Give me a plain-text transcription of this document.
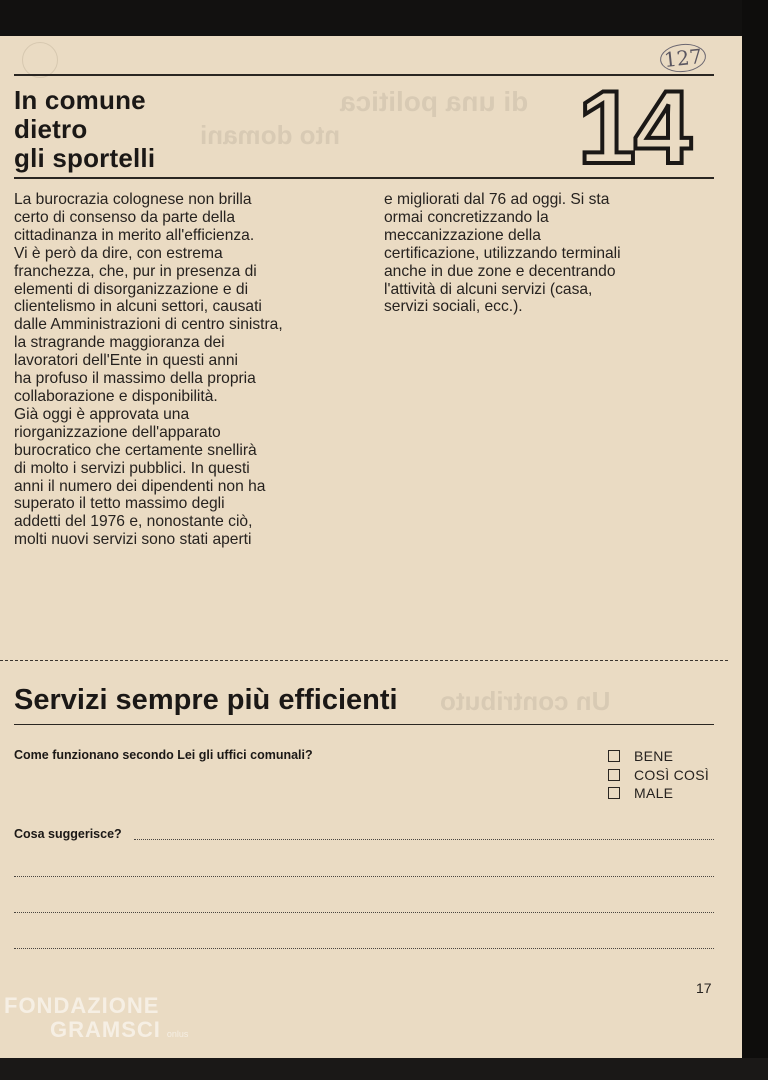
127
di una politica
nto domani
Un contributo
In comune
dietro
gli sportelli	14

La burocrazia colognese non brilla
certo di consenso da parte della
cittadinanza in merito all'efficienza.
Vi è però da dire, con estrema
franchezza, che, pur in presenza di
elementi di disorganizzazione e di
clientelismo in alcuni settori, causati
dalle Amministrazioni di centro sinistra,
la stragrande maggioranza dei
lavoratori dell'Ente in questi anni
ha profuso il massimo della propria
collaborazione e disponibilità.
Già oggi è approvata una
riorganizzazione dell'apparato
burocratico che certamente snellirà
di molto i servizi pubblici. In questi
anni il numero dei dipendenti non ha
superato il tetto massimo degli
addetti del 1976 e, nonostante ciò,
molti nuovi servizi sono stati aperti

e migliorati dal 76 ad oggi. Si sta
ormai concretizzando la
meccanizzazione della
certificazione, utilizzando terminali
anche in due zone e decentrando
l'attività di alcuni servizi (casa,
servizi sociali, ecc.).

Servizi sempre più efficienti
Come funzionano secondo Lei gli uffici comunali?	BENE
COSÌ COSÌ
MALE
Cosa suggerisce?
17
FONDAZIONE
GRAMSCI onlus
